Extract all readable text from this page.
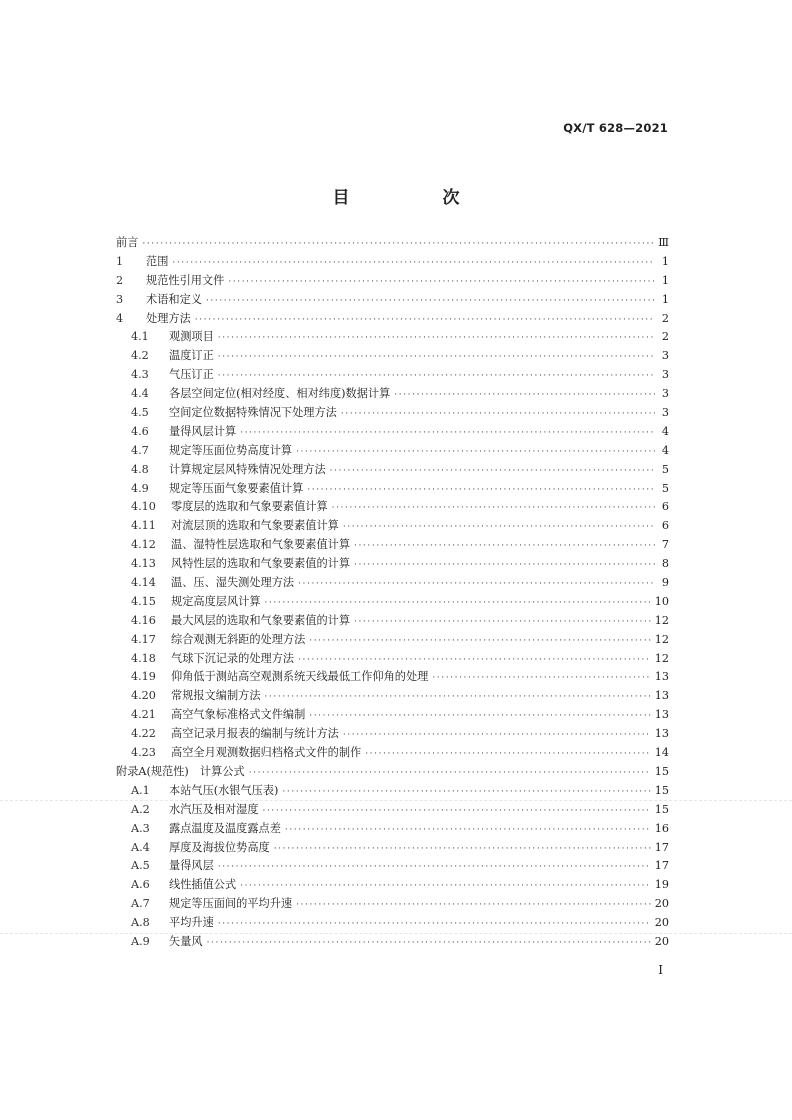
QX/T 628—2021
目　次
前言 ·····	Ⅲ
1	范围 ·····	1
2	规范性引用文件 ·····	1
3	术语和定义 ·····	1
4	处理方法 ·····	2
4.1	观测项目 ·····	2
4.2	温度订正 ·····	3
4.3	气压订正 ·····	3
4.4	各层空间定位(相对经度、相对纬度)数据计算 ·····	3
4.5	空间定位数据特殊情况下处理方法 ·····	3
4.6	量得风层计算 ·····	4
4.7	规定等压面位势高度计算 ·····	4
4.8	计算规定层风特殊情况处理方法 ·····	5
4.9	规定等压面气象要素值计算 ·····	5
4.10	零度层的选取和气象要素值计算 ·····	6
4.11	对流层顶的选取和气象要素值计算 ·····	6
4.12	温、湿特性层选取和气象要素值计算 ·····	7
4.13	风特性层的选取和气象要素值的计算 ·····	8
4.14	温、压、湿失测处理方法 ·····	9
4.15	规定高度层风计算 ·····	10
4.16	最大风层的选取和气象要素值的计算 ·····	12
4.17	综合观测无斜距的处理方法 ·····	12
4.18	气球下沉记录的处理方法 ·····	12
4.19	仰角低于测站高空观测系统天线最低工作仰角的处理 ·····	13
4.20	常规报文编制方法 ·····	13
4.21	高空气象标准格式文件编制 ·····	13
4.22	高空记录月报表的编制与统计方法 ·····	13
4.23	高空全月观测数据归档格式文件的制作 ·····	14
附录A(规范性)　计算公式 ·····	15
A.1	本站气压(水银气压表) ·····	15
A.2	水汽压及相对湿度 ·····	15
A.3	露点温度及温度露点差 ·····	16
A.4	厚度及海拔位势高度 ·····	17
A.5	量得风层 ·····	17
A.6	线性插值公式 ·····	19
A.7	规定等压面间的平均升速 ·····	20
A.8	平均升速 ·····	20
A.9	矢量风 ·····	20
I
